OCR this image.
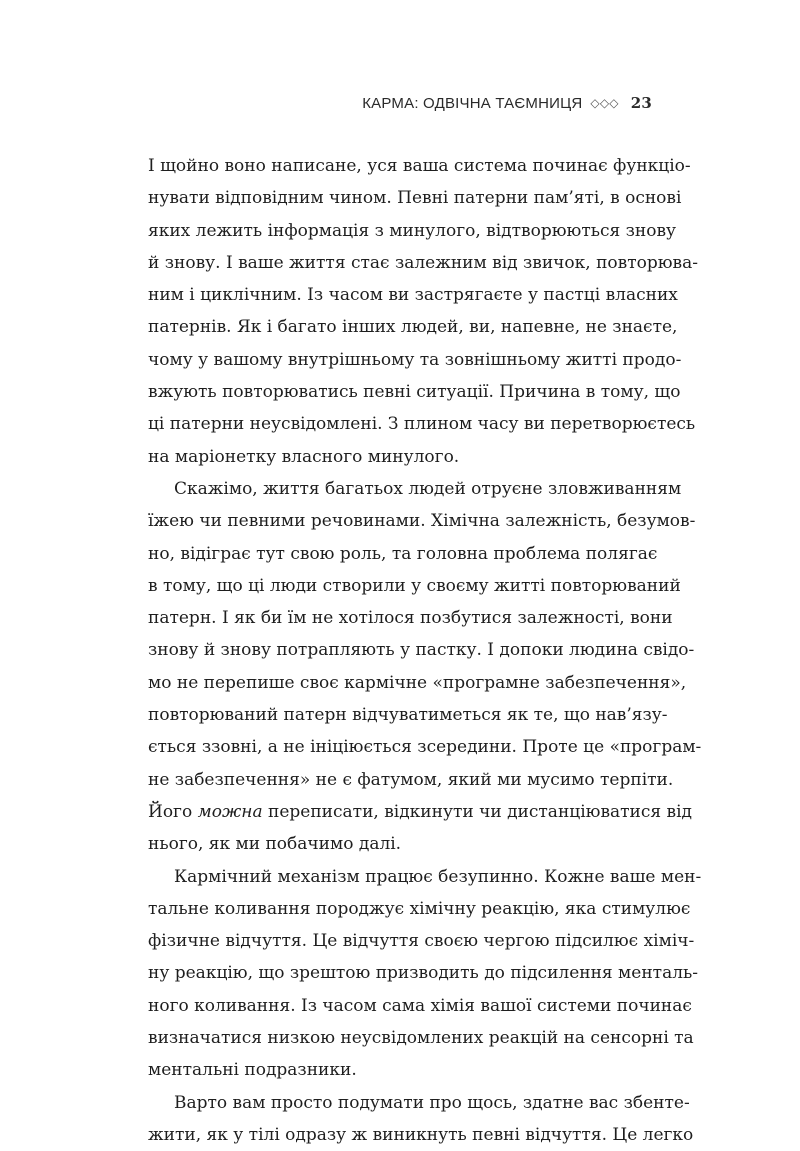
КАРМА: ОДВІЧНА ТАЄМНИЦЯ ◇◇◇ 23
І щойно воно написане, уся ваша система починає функціо-
нувати відповідним чином. Певні патерни пам’яті, в основі
яких лежить інформація з минулого, відтворюються знову
й знову. І ваше життя стає залежним від звичок, повторюва-
ним і циклічним. Із часом ви застрягаєте у пастці власних
патернів. Як і багато інших людей, ви, напевне, не знаєте,
чому у вашому внутрішньому та зовнішньому житті продо-
вжують повторюватись певні ситуації. Причина в тому, що
ці патерни неусвідомлені. З плином часу ви перетворюєтесь
на маріонетку власного минулого.
Скажімо, життя багатьох людей отруєне зловживанням
їжею чи певними речовинами. Хімічна залежність, безумов-
но, відіграє тут свою роль, та головна проблема полягає
в тому, що ці люди створили у своєму житті повторюваний
патерн. І як би їм не хотілося позбутися залежності, вони
знову й знову потрапляють у пастку. І допоки людина свідо-
мо не перепише своє кармічне «програмне забезпечення»,
повторюваний патерн відчуватиметься як те, що нав’язу-
ється ззовні, а не ініціюється зсередини. Проте це «програм-
не забезпечення» не є фатумом, який ми мусимо терпіти.
Його можна переписати, відкинути чи дистанціюватися від
нього, як ми побачимо далі.
Кармічний механізм працює безупинно. Кожне ваше мен-
тальне коливання породжує хімічну реакцію, яка стимулює
фізичне відчуття. Це відчуття своєю чергою підсилює хіміч-
ну реакцію, що зрештою призводить до підсилення менталь-
ного коливання. Із часом сама хімія вашої системи починає
визначатися низкою неусвідомлених реакцій на сенсорні та
ментальні подразники.
Варто вам просто подумати про щось, здатне вас збенте-
жити, як у тілі одразу ж виникнуть певні відчуття. Це легко
